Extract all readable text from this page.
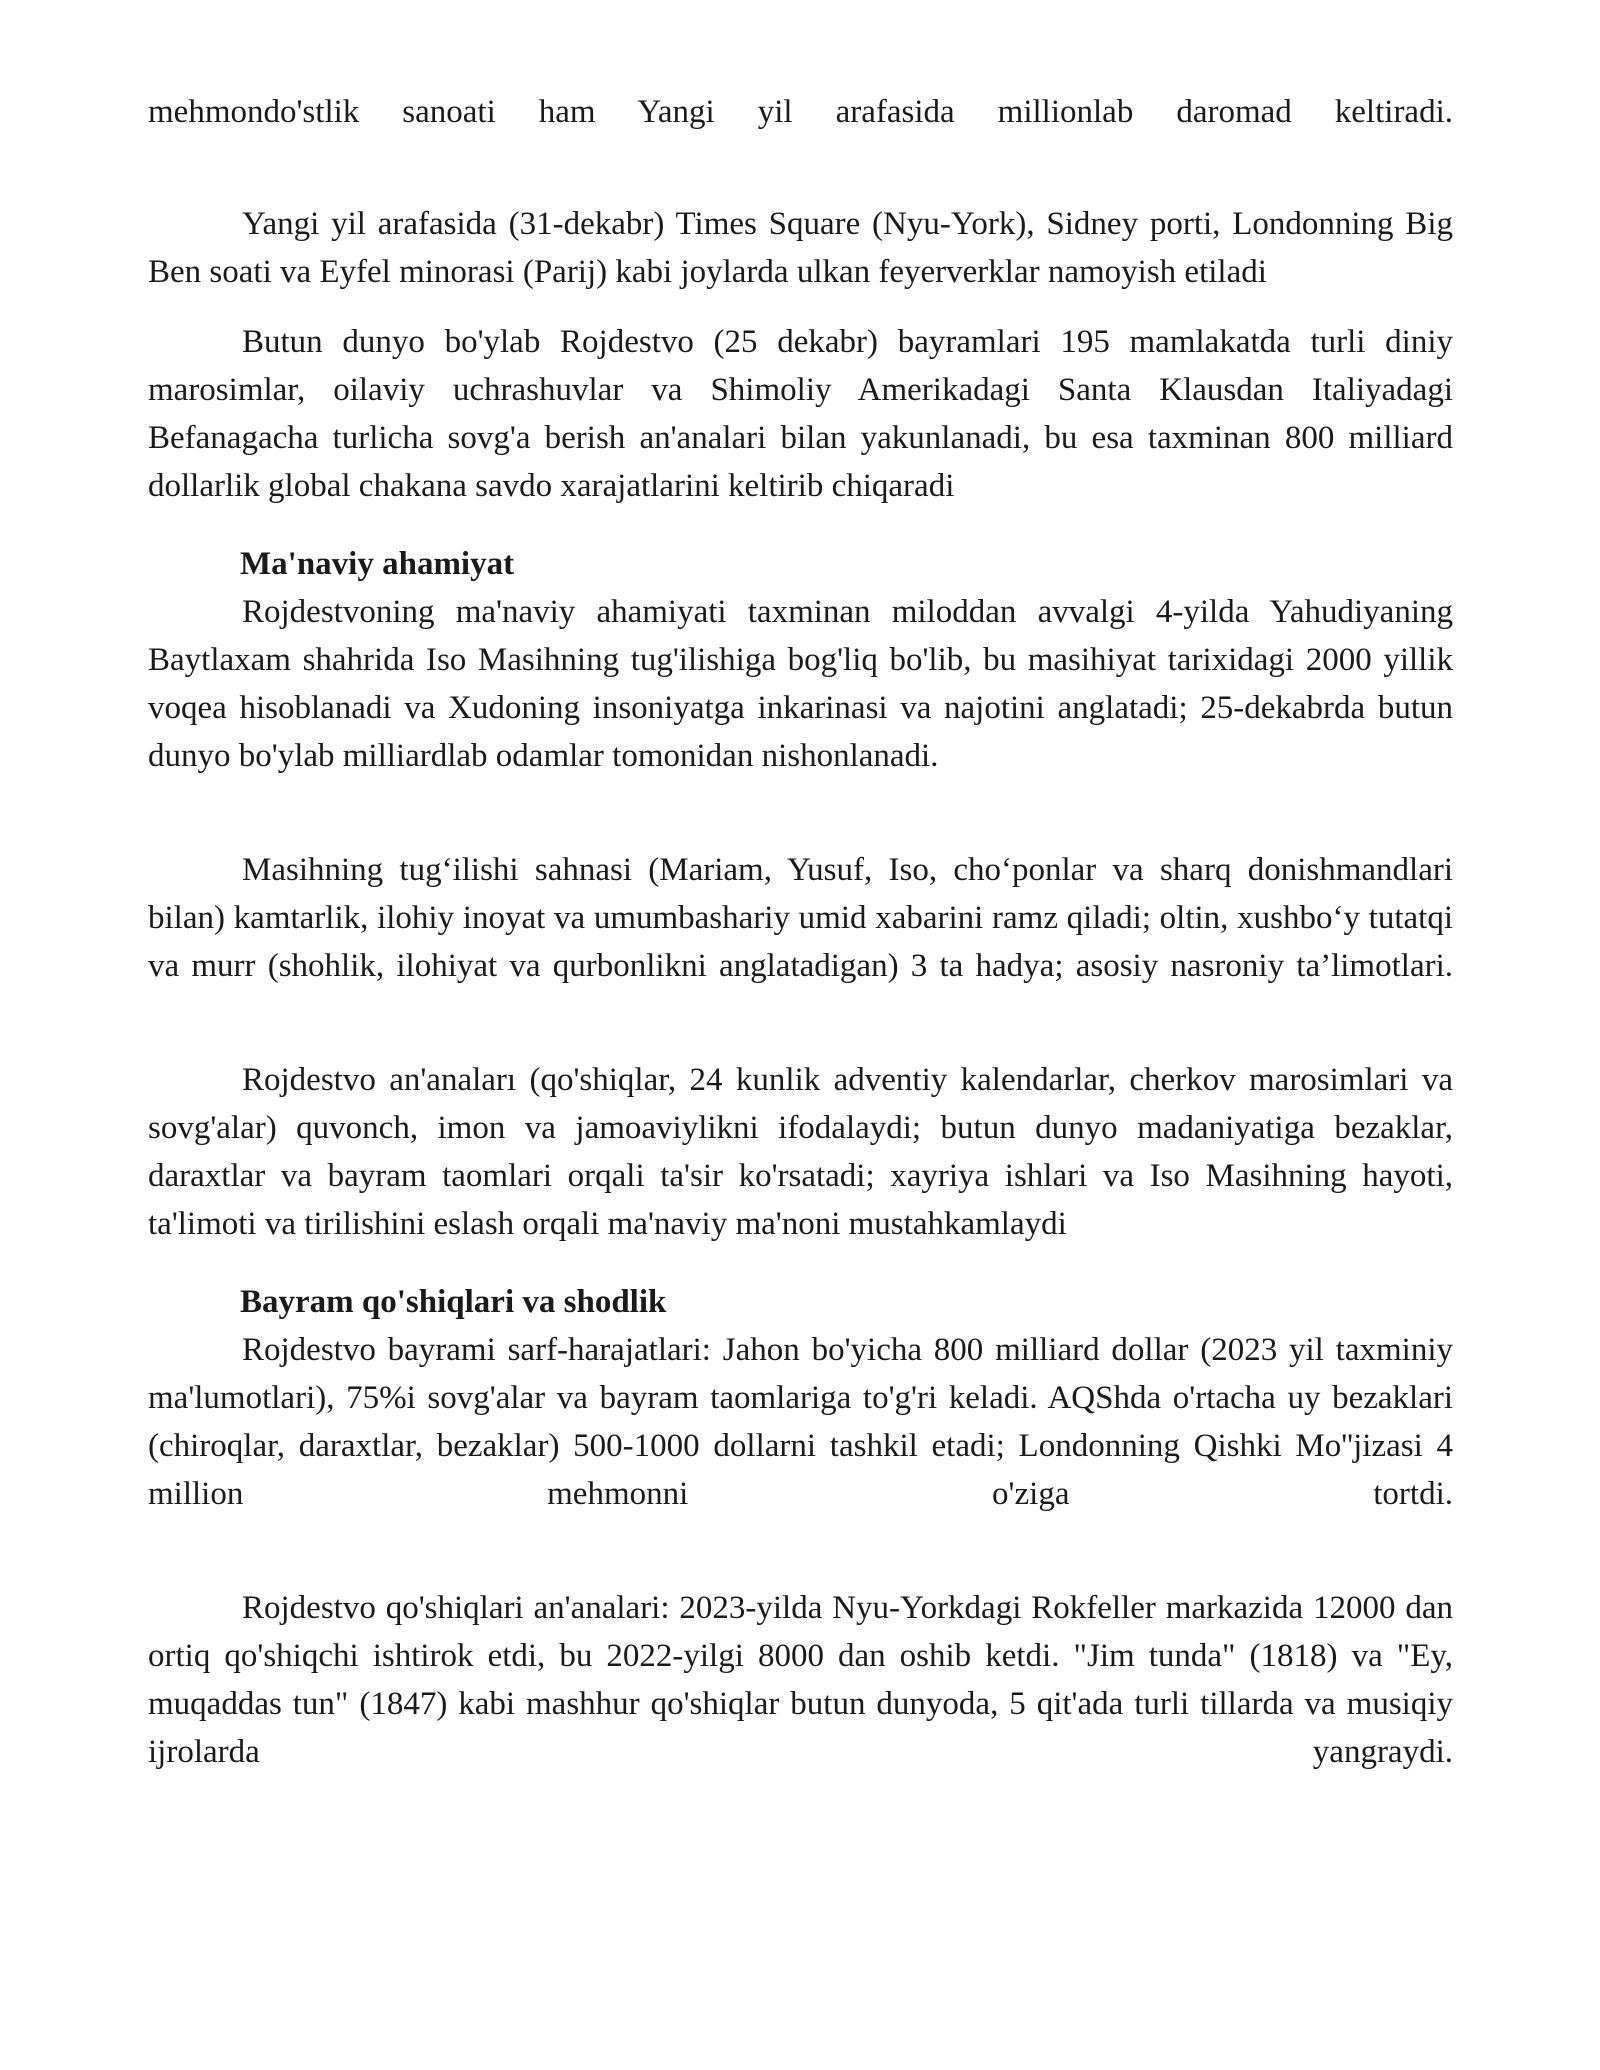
mehmondo'stlik sanoati ham Yangi yil arafasida millionlab daromad keltiradi.

Yangi yil arafasida (31-dekabr) Times Square (Nyu-York), Sidney porti, Londonning Big Ben soati va Eyfel minorasi (Parij) kabi joylarda ulkan feyerverklar namoyish etiladi

Butun dunyo bo'ylab Rojdestvo (25 dekabr) bayramlari 195 mamlakatda turli diniy marosimlar, oilaviy uchrashuvlar va Shimoliy Amerikadagi Santa Klausdan Italiyadagi Befanagacha turlicha sovg'a berish an'analari bilan yakunlanadi, bu esa taxminan 800 milliard dollarlik global chakana savdo xarajatlarini keltirib chiqaradi

Ma'naviy ahamiyat

Rojdestvoning ma'naviy ahamiyati taxminan miloddan avvalgi 4-yilda Yahudiyaning Baytlaxam shahrida Iso Masihning tug'ilishiga bog'liq bo'lib, bu masihiyat tarixidagi 2000 yillik voqea hisoblanadi va Xudoning insoniyatga inkarinasi va najotini anglatadi; 25-dekabrda butun dunyo bo'ylab milliardlab odamlar tomonidan nishonlanadi.

Masihning tug‘ilishi sahnasi (Mariam, Yusuf, Iso, cho‘ponlar va sharq donishmandlari bilan) kamtarlik, ilohiy inoyat va umumbashariy umid xabarini ramz qiladi; oltin, xushbo‘y tutatqi va murr (shohlik, ilohiyat va qurbonlikni anglatadigan) 3 ta hadya; asosiy nasroniy ta’limotlari.

Rojdestvo an'anaları (qo'shiqlar, 24 kunlik adventiy kalendarlar, cherkov marosimlari va sovg'alar) quvonch, imon va jamoaviylikni ifodalaydi; butun dunyo madaniyatiga bezaklar, daraxtlar va bayram taomlari orqali ta'sir ko'rsatadi; xayriya ishlari va Iso Masihning hayoti, ta'limoti va tirilishini eslash orqali ma'naviy ma'noni mustahkamlaydi

Bayram qo'shiqlari va shodlik

Rojdestvo bayrami sarf-harajatlari: Jahon bo'yicha 800 milliard dollar (2023 yil taxminiy ma'lumotlari), 75%i sovg'alar va bayram taomlariga to'g'ri keladi. AQShda o'rtacha uy bezaklari (chiroqlar, daraxtlar, bezaklar) 500-1000 dollarni tashkil etadi; Londonning Qishki Mo''jizasi 4 million mehmonni o'ziga tortdi.

Rojdestvo qo'shiqlari an'analari: 2023-yilda Nyu-Yorkdagi Rokfeller markazida 12000 dan ortiq qo'shiqchi ishtirok etdi, bu 2022-yilgi 8000 dan oshib ketdi. "Jim tunda" (1818) va "Ey, muqaddas tun" (1847) kabi mashhur qo'shiqlar butun dunyoda, 5 qit'ada turli tillarda va musiqiy ijrolarda yangraydi.
